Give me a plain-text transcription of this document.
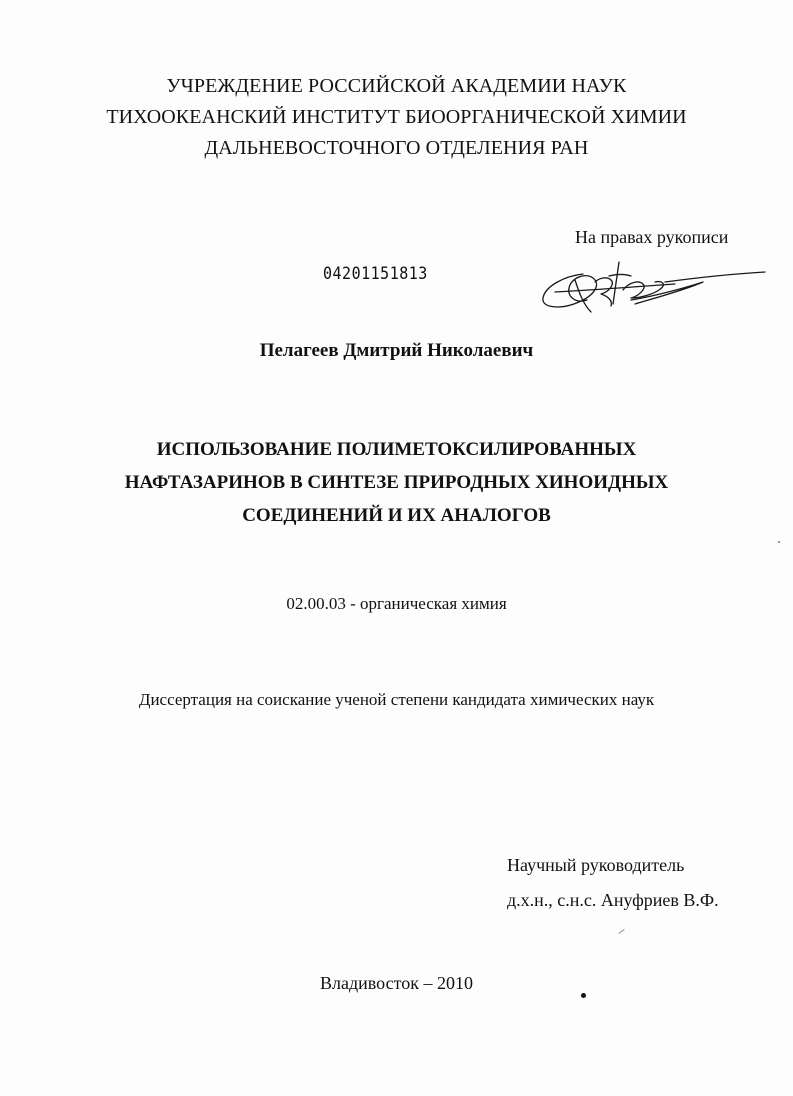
УЧРЕЖДЕНИЕ РОССИЙСКОЙ АКАДЕМИИ НАУК
ТИХООКЕАНСКИЙ ИНСТИТУТ БИООРГАНИЧЕСКОЙ ХИМИИ
ДАЛЬНЕВОСТОЧНОГО ОТДЕЛЕНИЯ РАН
На правах рукописи
04201151813
Пелагеев Дмитрий Николаевич
ИСПОЛЬЗОВАНИЕ ПОЛИМЕТОКСИЛИРОВАННЫХ
НАФТАЗАРИНОВ В СИНТЕЗЕ ПРИРОДНЫХ ХИНОИДНЫХ
СОЕДИНЕНИЙ И ИХ АНАЛОГОВ
02.00.03 - органическая химия
Диссертация на соискание ученой степени кандидата химических наук
Научный руководитель
д.х.н., с.н.с. Ануфриев В.Ф.
Владивосток – 2010
